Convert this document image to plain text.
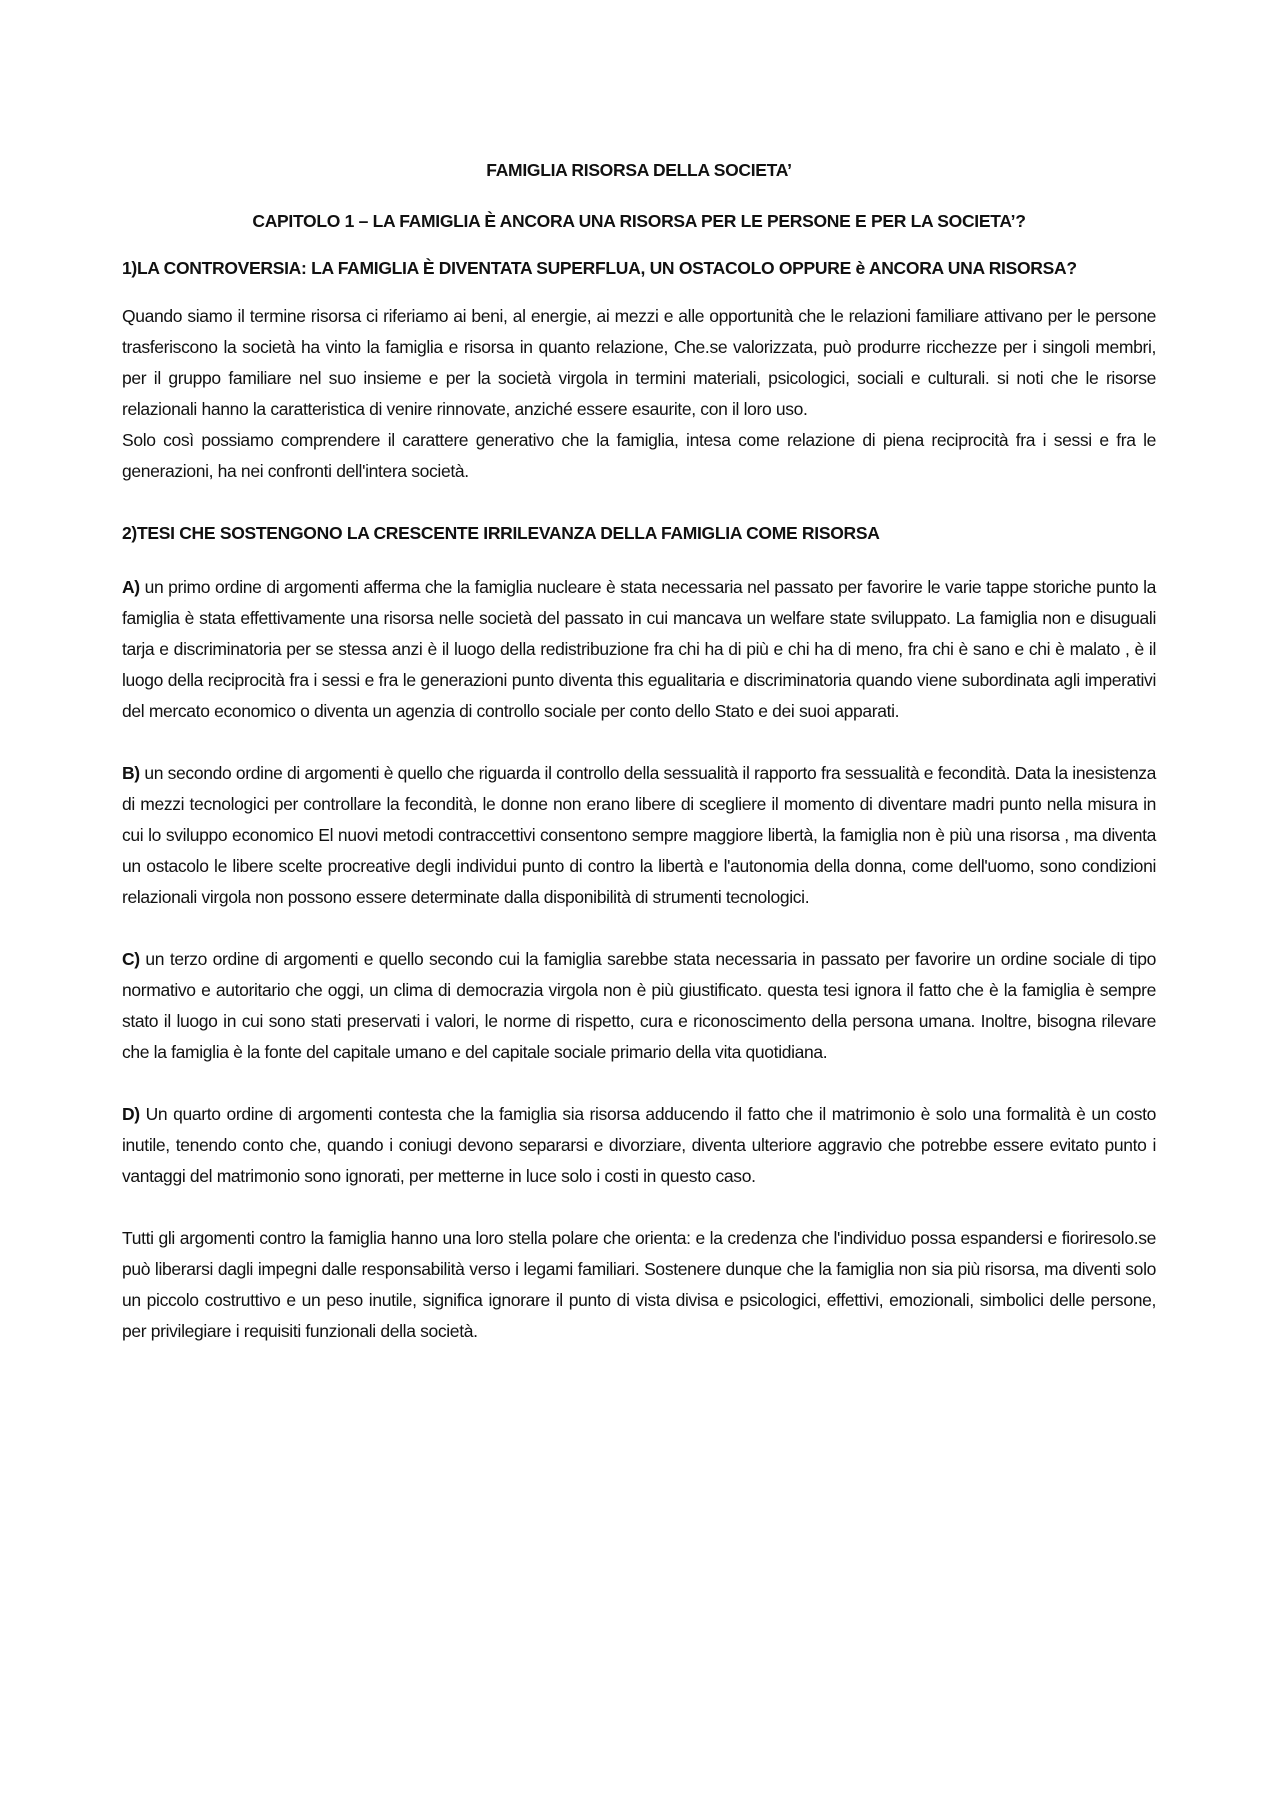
FAMIGLIA RISORSA DELLA SOCIETA’
CAPITOLO 1 – LA FAMIGLIA È ANCORA UNA RISORSA PER LE PERSONE E PER LA SOCIETA’?
1)LA CONTROVERSIA: LA FAMIGLIA È DIVENTATA SUPERFLUA, UN OSTACOLO OPPURE è ANCORA UNA RISORSA?

Quando siamo il termine risorsa ci riferiamo ai beni, al energie, ai mezzi e alle opportunità che le relazioni familiare attivano per le persone trasferiscono la società ha vinto la famiglia e risorsa in quanto relazione, Che.se valorizzata, può produrre ricchezze per i singoli membri, per il gruppo familiare nel suo insieme e per la società virgola in termini materiali, psicologici, sociali e culturali. si noti che le risorse relazionali hanno la caratteristica di venire rinnovate, anziché essere esaurite, con il loro uso.

Solo così possiamo comprendere il carattere generativo che la famiglia, intesa come relazione di piena reciprocità fra i sessi e fra le generazioni, ha nei confronti dell'intera società.

2)TESI CHE SOSTENGONO LA CRESCENTE IRRILEVANZA DELLA FAMIGLIA COME RISORSA

A) un primo ordine di argomenti afferma che la famiglia nucleare è stata necessaria nel passato per favorire le varie tappe storiche punto la famiglia è stata effettivamente una risorsa nelle società del passato in cui mancava un welfare state sviluppato. La famiglia non e disuguali tarja e discriminatoria per se stessa anzi è il luogo della redistribuzione fra chi ha di più e chi ha di meno, fra chi è sano e chi è malato , è il luogo della reciprocità fra i sessi e fra le generazioni punto diventa this egualitaria e discriminatoria quando viene subordinata agli imperativi del mercato economico o diventa un agenzia di controllo sociale per conto dello Stato e dei suoi apparati.

B) un secondo ordine di argomenti è quello che riguarda il controllo della sessualità il rapporto fra sessualità e fecondità. Data la inesistenza di mezzi tecnologici per controllare la fecondità, le donne non erano libere di scegliere il momento di diventare madri punto nella misura in cui lo sviluppo economico El nuovi metodi contraccettivi consentono sempre maggiore libertà, la famiglia non è più una risorsa , ma diventa un ostacolo le libere scelte procreative degli individui punto di contro la libertà e l'autonomia della donna, come dell'uomo, sono condizioni relazionali virgola non possono essere determinate dalla disponibilità di strumenti tecnologici.

C) un terzo ordine di argomenti e quello secondo cui la famiglia sarebbe stata necessaria in passato per favorire un ordine sociale di tipo normativo e autoritario che oggi, un clima di democrazia virgola non è più giustificato. questa tesi ignora il fatto che è la famiglia è sempre stato il luogo in cui sono stati preservati i valori, le norme di rispetto, cura e riconoscimento della persona umana. Inoltre, bisogna rilevare che la famiglia è la fonte del capitale umano e del capitale sociale primario della vita quotidiana.

D) Un quarto ordine di argomenti contesta che la famiglia sia risorsa adducendo il fatto che il matrimonio è solo una formalità è un costo inutile, tenendo conto che, quando i coniugi devono separarsi e divorziare, diventa ulteriore aggravio che potrebbe essere evitato punto i vantaggi del matrimonio sono ignorati, per metterne in luce solo i costi in questo caso.

Tutti gli argomenti contro la famiglia hanno una loro stella polare che orienta: e la credenza che l'individuo possa espandersi e fioriresolo.se può liberarsi dagli impegni dalle responsabilità verso i legami familiari. Sostenere dunque che la famiglia non sia più risorsa, ma diventi solo un piccolo costruttivo e un peso inutile, significa ignorare il punto di vista divisa e psicologici, effettivi, emozionali, simbolici delle persone, per privilegiare i requisiti funzionali della società.
